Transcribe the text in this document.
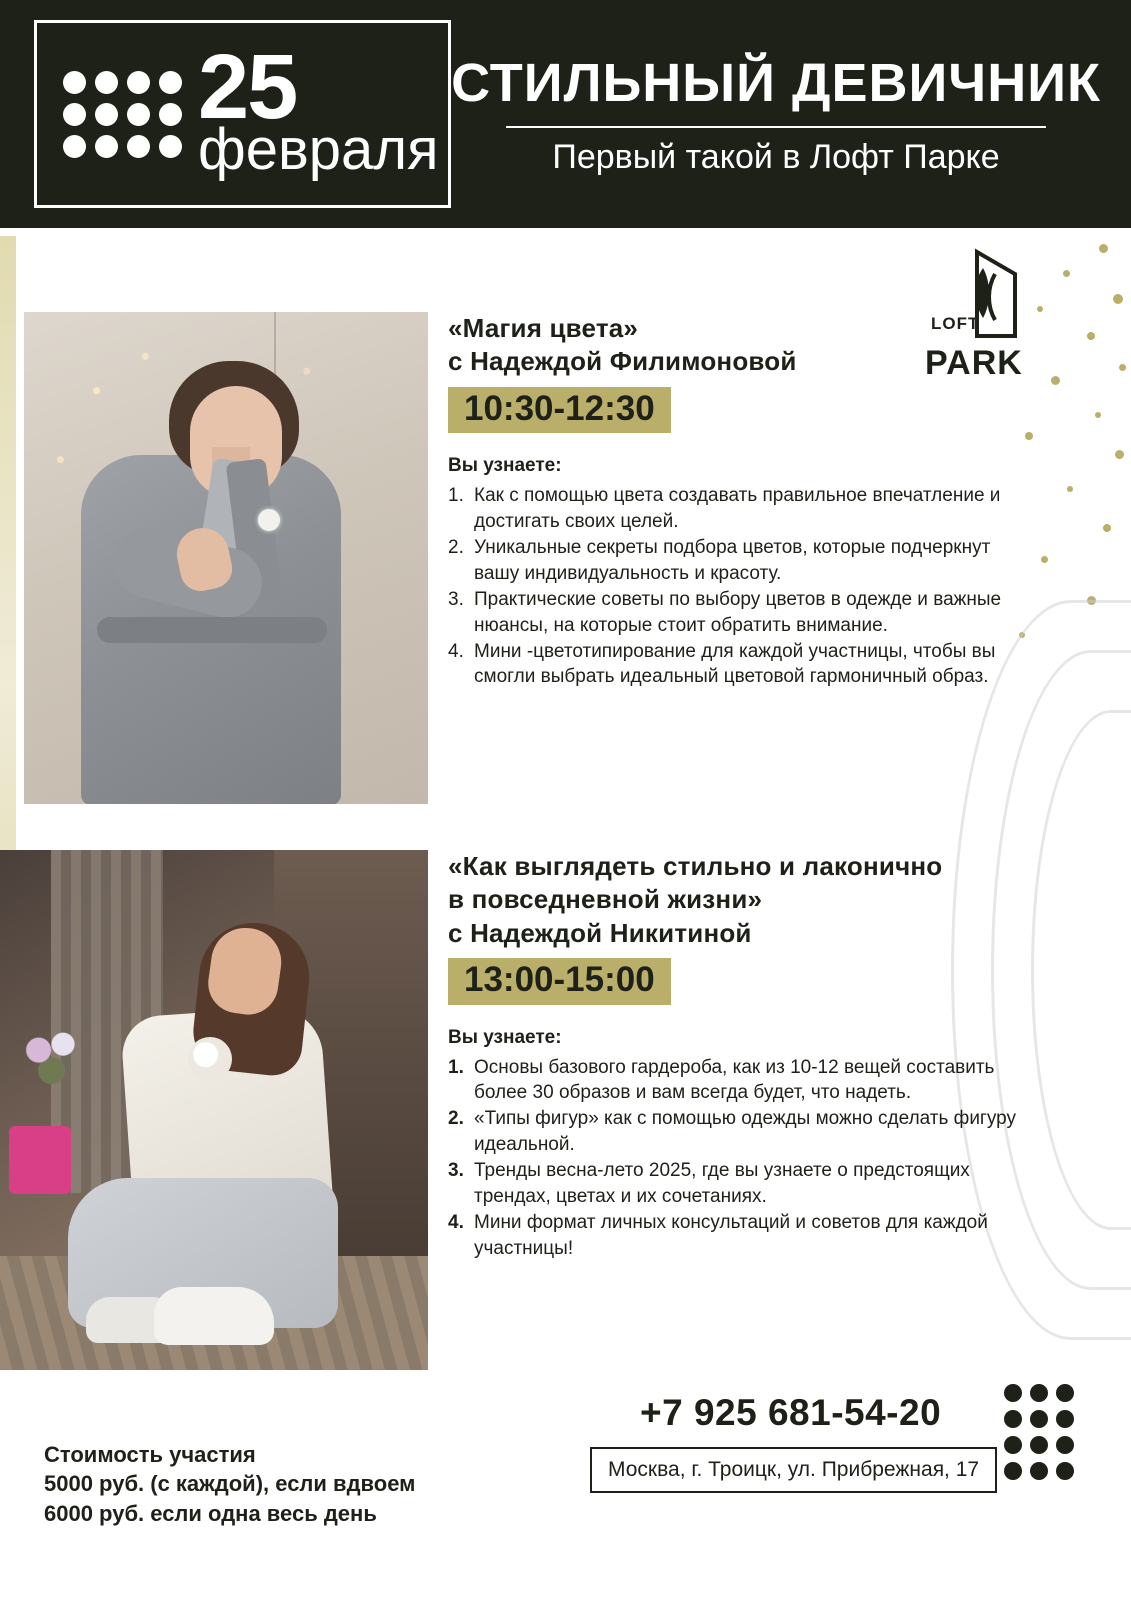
25
февраля
СТИЛЬНЫЙ ДЕВИЧНИК
Первый такой в Лофт Парке
LOFT
PARK
«Магия цвета»
с Надеждой Филимоновой
10:30-12:30
Вы узнаете:
1. Как с помощью цвета создавать правильное впечатление и достигать своих целей.
2. Уникальные секреты подбора цветов, которые подчеркнут вашу индивидуальность и красоту.
3. Практические советы по выбору цветов в одежде и важные нюансы, на которые стоит обратить внимание.
4. Мини -цветотипирование для каждой участницы, чтобы вы смогли выбрать идеальный цветовой гармоничный образ.
«Как выглядеть стильно и лаконично
в повседневной жизни»
с Надеждой Никитиной
13:00-15:00
Вы узнаете:
1. Основы базового гардероба, как из 10-12 вещей составить более 30 образов и вам всегда будет, что надеть.
2. «Типы фигур» как с помощью одежды можно сделать фигуру идеальной.
3. Тренды весна-лето 2025, где вы узнаете о предстоящих трендах, цветах и их сочетаниях.
4. Мини формат личных консультаций и советов для каждой участницы!
Стоимость участия
5000 руб. (с каждой), если вдвоем
6000 руб. если одна весь день
+7 925 681-54-20
Москва, г. Троицк, ул. Прибрежная, 17
